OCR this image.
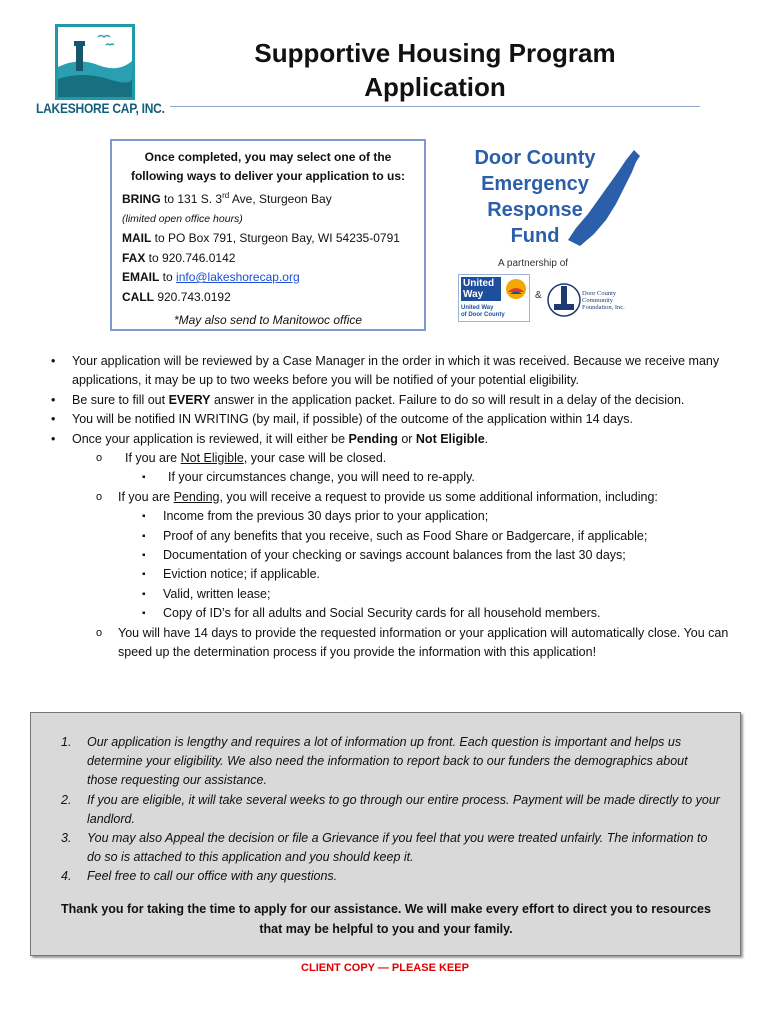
LAKESHORE CAP, INC.
Supportive Housing Program
Application
Once completed, you may select one of the
following ways to deliver your application to us:
BRING to 131 S. 3rd Ave, Sturgeon Bay
(limited open office hours)
MAIL to PO Box 791, Sturgeon Bay, WI 54235-0791
FAX to 920.746.0142
EMAIL to info@lakeshorecap.org
CALL 920.743.0192
*May also send to Manitowoc office
Door County
Emergency
Response
Fund
A partnership of
United
Way
United Way
of Door County
&	Door County
Community
Foundation, Inc.
• Your application will be reviewed by a Case Manager in the order in which it was received. Because we receive many applications, it may be up to two weeks before you will be notified of your potential eligibility.
• Be sure to fill out EVERY answer in the application packet. Failure to do so will result in a delay of the decision.
• You will be notified IN WRITING (by mail, if possible) of the outcome of the application within 14 days.
• Once your application is reviewed, it will either be Pending or Not Eligible.
o If you are Not Eligible, your case will be closed.
▪ If your circumstances change, you will need to re-apply.
o If you are Pending, you will receive a request to provide us some additional information, including:
▪ Income from the previous 30 days prior to your application;
▪ Proof of any benefits that you receive, such as Food Share or Badgercare, if applicable;
▪ Documentation of your checking or savings account balances from the last 30 days;
▪ Eviction notice; if applicable.
▪ Valid, written lease;
▪ Copy of ID’s for all adults and Social Security cards for all household members.
o You will have 14 days to provide the requested information or your application will automatically close. You can speed up the determination process if you provide the information with this application!
1. Our application is lengthy and requires a lot of information up front. Each question is important and helps us determine your eligibility. We also need the information to report back to our funders the demographics about those requesting our assistance.
2. If you are eligible, it will take several weeks to go through our entire process. Payment will be made directly to your landlord.
3. You may also Appeal the decision or file a Grievance if you feel that you were treated unfairly. The information to do so is attached to this application and you should keep it.
4. Feel free to call our office with any questions.
Thank you for taking the time to apply for our assistance. We will make every effort to direct you to resources that may be helpful to you and your family.
CLIENT COPY — PLEASE KEEP
